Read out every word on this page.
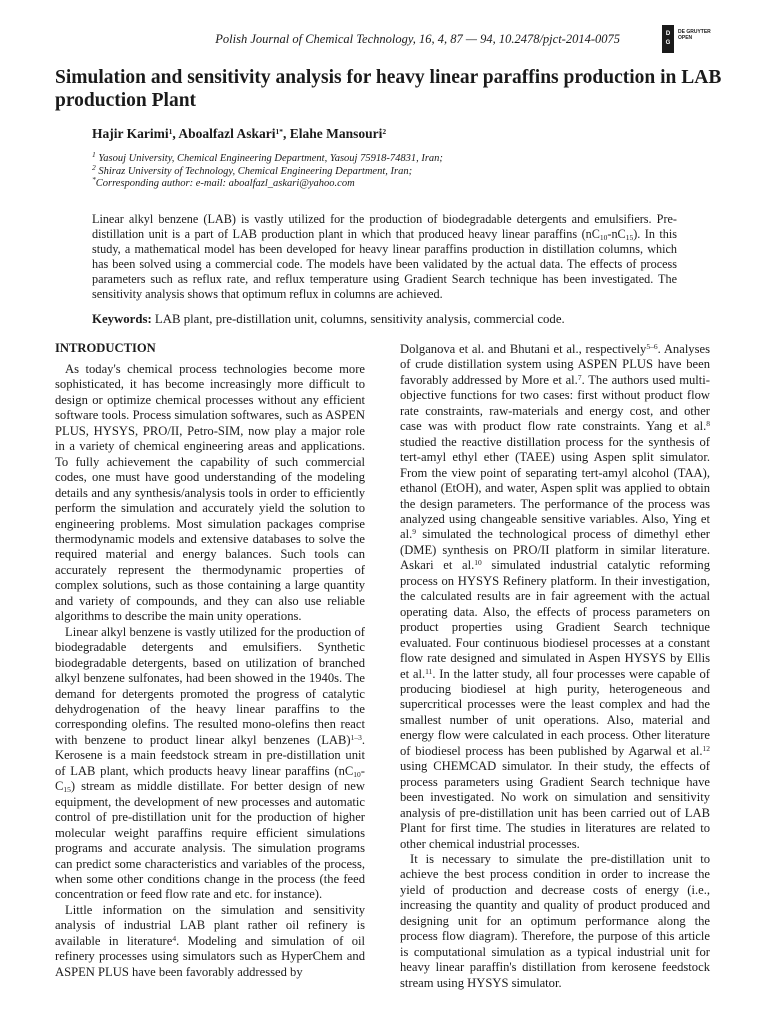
Polish Journal of Chemical Technology, 16, 4, 87 — 94, 10.2478/pjct-2014-0075	D
G
DE GRUYTER
OPEN
Simulation and sensitivity analysis for heavy linear paraffins production in LAB production Plant
Hajir Karimi$^1$, Aboalfazl Askari$^{1*}$, Elahe Mansouri$^2$
$^1$ Yasouj University, Chemical Engineering Department, Yasouj 75918-74831, Iran;
$^2$ Shiraz University of Technology, Chemical Engineering Department, Iran;
*Corresponding author: e-mail: aboalfazl_askari@yahoo.com

Linear alkyl benzene (LAB) is vastly utilized for the production of biodegradable detergents and emulsifiers. Pre-distillation unit is a part of LAB production plant in which that produced heavy linear paraffins $(nC_{10}-nC_{15})$. In this study, a mathematical model has been developed for heavy linear paraffins production in distillation columns, which has been solved using a commercial code. The models have been validated by the actual data. The effects of process parameters such as reflux rate, and reflux temperature using Gradient Search technique has been investigated. The sensitivity analysis shows that optimum reflux in columns are achieved.

Keywords: LAB plant, pre-distillation unit, columns, sensitivity analysis, commercial code.
INTRODUCTION

As today's chemical process technologies become more sophisticated, it has become increasingly more difficult to design or optimize chemical processes without any efficient software tools. Process simulation softwares, such as ASPEN PLUS, HYSYS, PRO/II, Petro-SIM, now play a major role in a variety of chemical engineering areas and applications. To fully achievement the capability of such commercial codes, one must have good understanding of the modeling details and any synthesis/analysis tools in order to efficiently perform the simulation and accurately yield the solution to engineering problems. Most simulation packages comprise thermodynamic models and extensive databases to solve the required material and energy balances. Such tools can accurately represent the thermodynamic properties of complex solutions, such as those containing a large quantity and variety of compounds, and they can also use reliable algorithms to describe the main unity operations.

Linear alkyl benzene is vastly utilized for the production of biodegradable detergents and emulsifiers. Synthetic biodegradable detergents, based on utilization of branched alkyl benzene sulfonates, had been showed in the 1940s. The demand for detergents promoted the progress of catalytic dehydrogenation of the heavy linear paraffins to the corresponding olefins. The resulted mono-olefins then react with benzene to product linear alkyl benzenes (LAB)$^{1-3}$. Kerosene is a main feedstock stream in pre-distillation unit of LAB plant, which products heavy linear paraffins $(nC_{10}-C_{15})$ stream as middle distillate. For better design of new equipment, the development of new processes and automatic control of pre-distillation unit for the production of higher molecular weight paraffins require efficient simulations programs and accurate analysis. The simulation programs can predict some characteristics and variables of the process, when some other conditions change in the process (the feed concentration or feed flow rate and etc. for instance).

Little information on the simulation and sensitivity analysis of industrial LAB plant rather oil refinery is available in literature$^4$. Modeling and simulation of oil refinery processes using simulators such as HyperChem and ASPEN PLUS have been favorably addressed by

Dolganova et al. and Bhutani et al., respectively$^{5-6}$. Analyses of crude distillation system using ASPEN PLUS have been favorably addressed by More et al.$^7$. The authors used multi-objective functions for two cases: first without product flow rate constraints, raw-materials and energy cost, and other case was with product flow rate constraints. Yang et al.$^8$ studied the reactive distillation process for the synthesis of tert-amyl ethyl ether (TAEE) using Aspen split simulator. From the view point of separating tert-amyl alcohol (TAA), ethanol (EtOH), and water, Aspen split was applied to obtain the design parameters. The performance of the process was analyzed using changeable sensitive variables. Also, Ying et al.$^9$ simulated the technological process of dimethyl ether (DME) synthesis on PRO/II platform in similar literature. Askari et al.$^{10}$ simulated industrial catalytic reforming process on HYSYS Refinery platform. In their investigation, the calculated results are in fair agreement with the actual operating data. Also, the effects of process parameters on product properties using Gradient Search technique evaluated. Four continuous biodiesel processes at a constant flow rate designed and simulated in Aspen HYSYS by Ellis et al.$^{11}$. In the latter study, all four processes were capable of producing biodiesel at high purity, heterogeneous and supercritical processes were the least complex and had the smallest number of unit operations. Also, material and energy flow were calculated in each process. Other literature of biodiesel process has been published by Agarwal et al.$^{12}$ using CHEMCAD simulator. In their study, the effects of process parameters using Gradient Search technique have been investigated. No work on simulation and sensitivity analysis of pre-distillation unit has been carried out of LAB Plant for first time. The studies in literatures are related to other chemical industrial processes.

It is necessary to simulate the pre-distillation unit to achieve the best process condition in order to increase the yield of production and decrease costs of energy (i.e., increasing the quantity and quality of product produced and designing unit for an optimum performance along the process flow diagram). Therefore, the purpose of this article is computational simulation as a typical industrial unit for heavy linear paraffin's distillation from kerosene feedstock stream using HYSYS simulator.
